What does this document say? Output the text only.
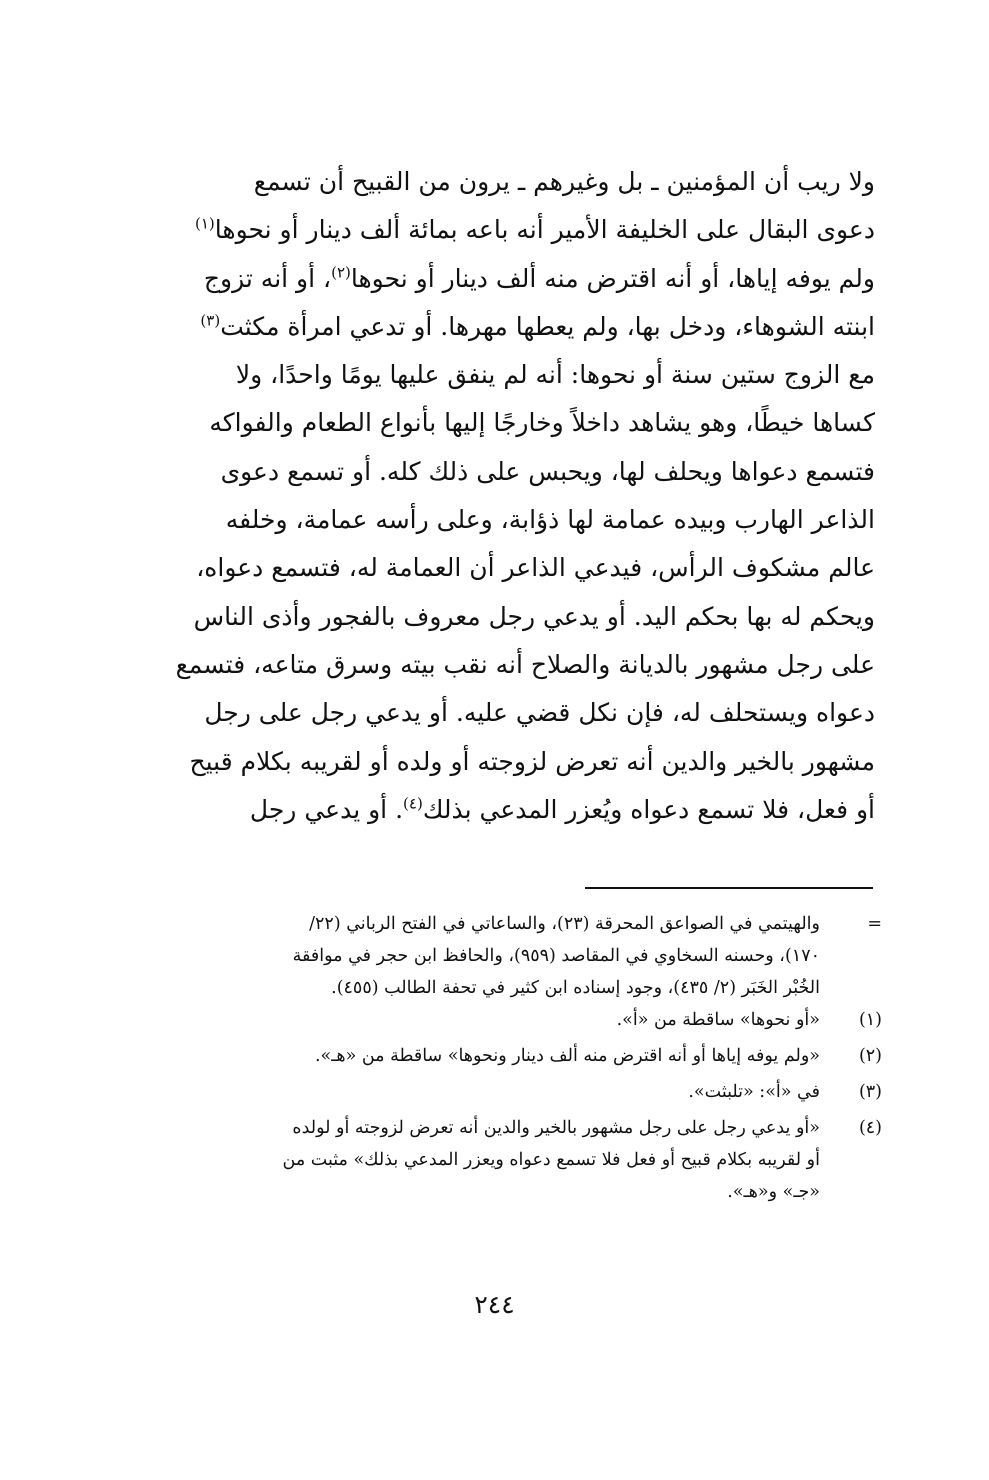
ولا ريب أن المؤمنين ـ بل وغيرهم ـ يرون من القبيح أن تسمع
دعوى البقال على الخليفة الأمير أنه باعه بمائة ألف دينار أو نحوها$^{(١)}$
ولم يوفه إياها، أو أنه اقترض منه ألف دينار أو نحوها$^{(٢)}$، أو أنه تزوج
ابنته الشوهاء، ودخل بها، ولم يعطها مهرها. أو تدعي امرأة مكثت$^{(٣)}$
مع الزوج ستين سنة أو نحوها: أنه لم ينفق عليها يومًا واحدًا، ولا
كساها خيطًا، وهو يشاهد داخلاً وخارجًا إليها بأنواع الطعام والفواكه
فتسمع دعواها ويحلف لها، ويحبس على ذلك كله. أو تسمع دعوى
الذاعر الهارب وبيده عمامة لها ذؤابة، وعلى رأسه عمامة، وخلفه
عالم مشكوف الرأس، فيدعي الذاعر أن العمامة له، فتسمع دعواه،
ويحكم له بها بحكم اليد. أو يدعي رجل معروف بالفجور وأذى الناس
على رجل مشهور بالديانة والصلاح أنه نقب بيته وسرق متاعه، فتسمع
دعواه ويستحلف له، فإن نكل قضي عليه. أو يدعي رجل على رجل
مشهور بالخير والدين أنه تعرض لزوجته أو ولده أو لقريبه بكلام قبيح
أو فعل، فلا تسمع دعواه ويُعزر المدعي بذلك$^{(٤)}$. أو يدعي رجل
=
والهيتمي في الصواعق المحرقة (٢٣)، والساعاتي في الفتح الرباني (٢٢/
١٧٠)، وحسنه السخاوي في المقاصد (٩٥٩)، والحافظ ابن حجر في موافقة
الخُبْر الخَبَر (٢/ ٤٣٥)، وجود إسناده ابن كثير في تحفة الطالب (٤٥٥).
(١)
«أو نحوها» ساقطة من «أ».
(٢)
«ولم يوفه إياها أو أنه اقترض منه ألف دينار ونحوها» ساقطة من «هـ».
(٣)
في «أ»: «تلبثت».
(٤)
«أو يدعي رجل على رجل مشهور بالخير والدين أنه تعرض لزوجته أو لولده
أو لقريبه بكلام قبيح أو فعل فلا تسمع دعواه ويعزر المدعي بذلك» مثبت من
«جـ» و«هـ».
٢٤٤
